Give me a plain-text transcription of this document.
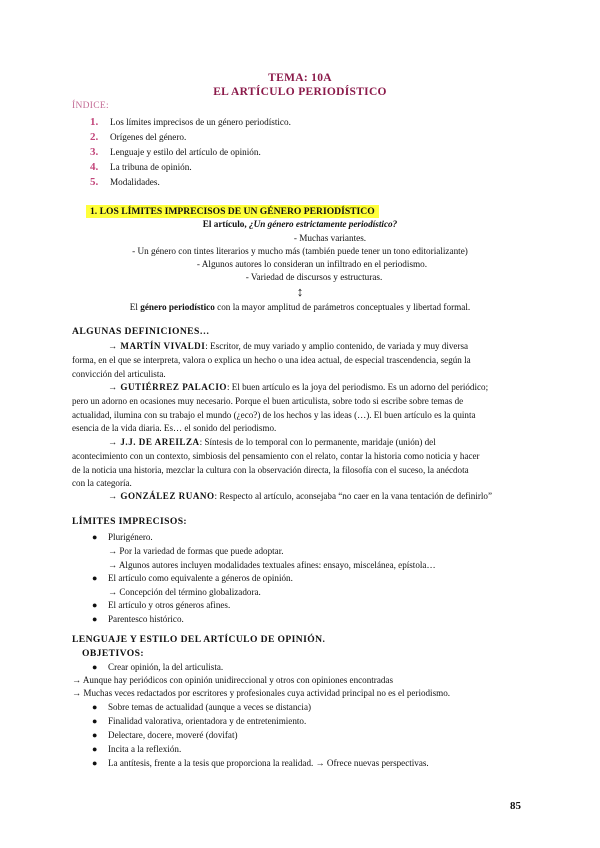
TEMA: 10A
EL ARTÍCULO PERIODÍSTICO
ÍNDICE:
1. Los límites imprecisos de un género periodístico.
2. Orígenes del género.
3. Lenguaje y estilo del artículo de opinión.
4. La tribuna de opinión.
5. Modalidades.
1. LOS LÍMITES IMPRECISOS DE UN GÉNERO PERIODÍSTICO
El artículo, ¿Un género estrictamente periodístico?
- Muchas variantes.
- Un género con tintes literarios y mucho más (también puede tener un tono editorializante)
- Algunos autores lo consideran un infiltrado en el periodismo.
- Variedad de discursos y estructuras.
↕
El género periodístico con la mayor amplitud de parámetros conceptuales y libertad formal.
ALGUNAS DEFINICIONES…
→ MARTÍN VIVALDI: Escritor, de muy variado y amplio contenido, de variada y muy diversa
forma, en el que se interpreta, valora o explica un hecho o una idea actual, de especial trascendencia, según la
convicción del articulista.
→ GUTIÉRREZ PALACIO: El buen artículo es la joya del periodismo. Es un adorno del periódico;
pero un adorno en ocasiones muy necesario. Porque el buen articulista, sobre todo si escribe sobre temas de
actualidad, ilumina con su trabajo el mundo (¿eco?) de los hechos y las ideas (…). El buen artículo es la quinta
esencia de la vida diaria. Es… el sonido del periodismo.
→ J.J. DE AREILZA: Síntesis de lo temporal con lo permanente, maridaje (unión) del
acontecimiento con un contexto, simbiosis del pensamiento con el relato, contar la historia como noticia y hacer
de la noticia una historia, mezclar la cultura con la observación directa, la filosofía con el suceso, la anécdota
con la categoría.
→ GONZÁLEZ RUANO: Respecto al artículo, aconsejaba “no caer en la vana tentación de definirlo”
LÍMITES IMPRECISOS:
● Plurigénero.
→ Por la variedad de formas que puede adoptar.
→ Algunos autores incluyen modalidades textuales afines: ensayo, miscelánea, epístola…
● El artículo como equivalente a géneros de opinión.
→ Concepción del término globalizadora.
● El artículo y otros géneros afines.
● Parentesco histórico.
LENGUAJE Y ESTILO DEL ARTÍCULO DE OPINIÓN.
OBJETIVOS:
● Crear opinión, la del articulista.
→ Aunque hay periódicos con opinión unidireccional y otros con opiniones encontradas
→ Muchas veces redactados por escritores y profesionales cuya actividad principal no es el periodismo.
● Sobre temas de actualidad (aunque a veces se distancia)
● Finalidad valorativa, orientadora y de entretenimiento.
● Delectare, docere, moveré (dovifat)
● Incita a la reflexión.
● La antítesis, frente a la tesis que proporciona la realidad. → Ofrece nuevas perspectivas.
85
